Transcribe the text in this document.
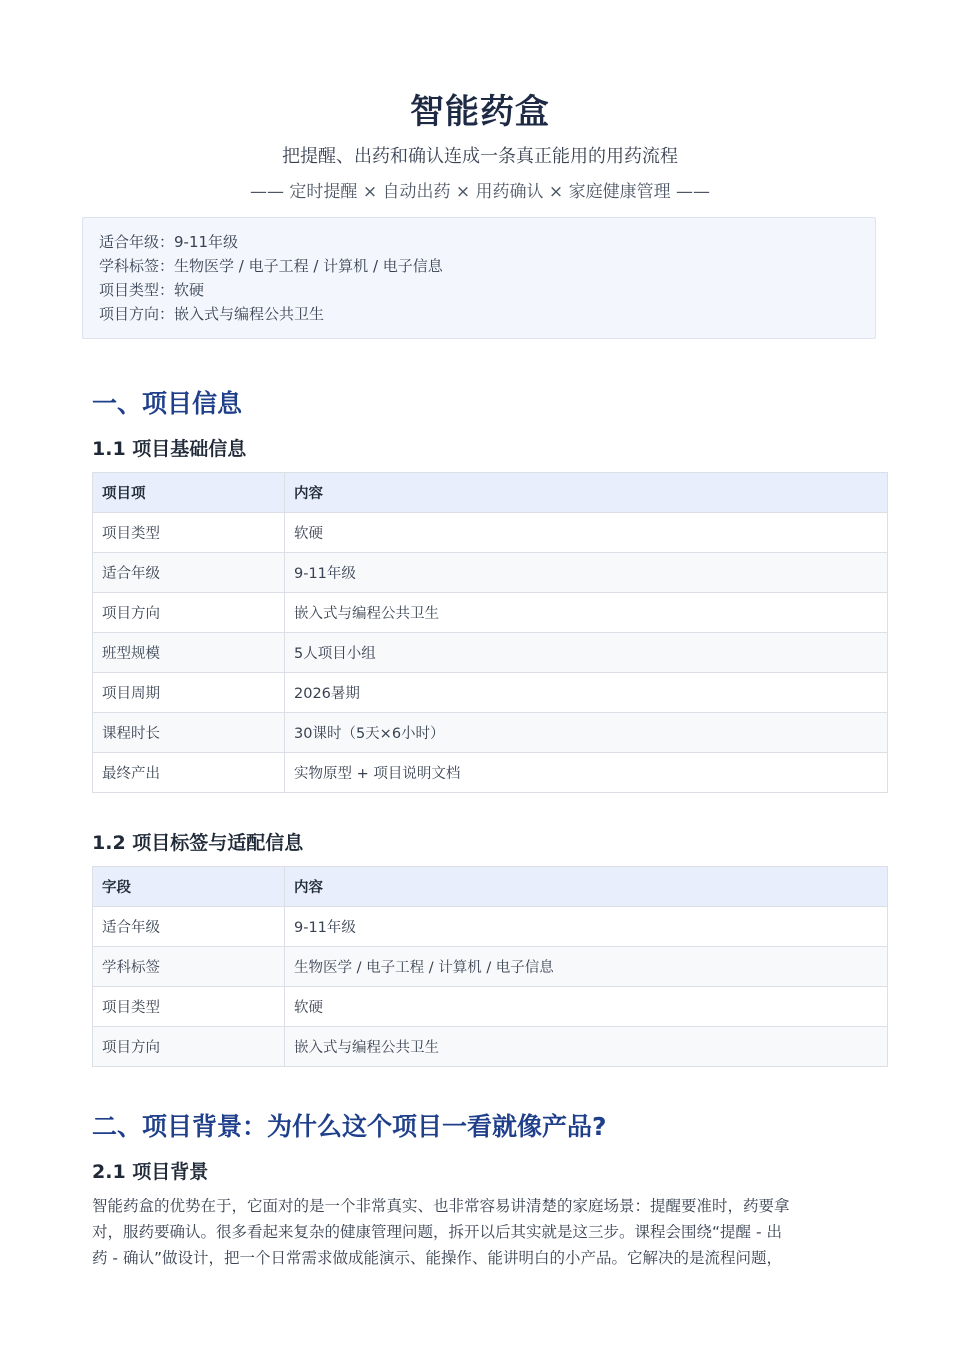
智能药盒
把提醒、出药和确认连成一条真正能用的用药流程
—— 定时提醒 × 自动出药 × 用药确认 × 家庭健康管理 ——
适合年级：9-11年级
学科标签：生物医学 / 电子工程 / 计算机 / 电子信息
项目类型：软硬
项目方向：嵌入式与编程公共卫生
一、项目信息
1.1 项目基础信息
项目项	内容
项目类型	软硬
适合年级	9-11年级
项目方向	嵌入式与编程公共卫生
班型规模	5人项目小组
项目周期	2026暑期
课程时长	30课时（5天×6小时）
最终产出	实物原型 + 项目说明文档
1.2 项目标签与适配信息
字段	内容
适合年级	9-11年级
学科标签	生物医学 / 电子工程 / 计算机 / 电子信息
项目类型	软硬
项目方向	嵌入式与编程公共卫生
二、项目背景：为什么这个项目一看就像产品?
2.1 项目背景
智能药盒的优势在于，它面对的是一个非常真实、也非常容易讲清楚的家庭场景：提醒要准时，药要拿
对，服药要确认。很多看起来复杂的健康管理问题，拆开以后其实就是这三步。课程会围绕“提醒 - 出
药 - 确认”做设计，把一个日常需求做成能演示、能操作、能讲明白的小产品。它解决的是流程问题，
